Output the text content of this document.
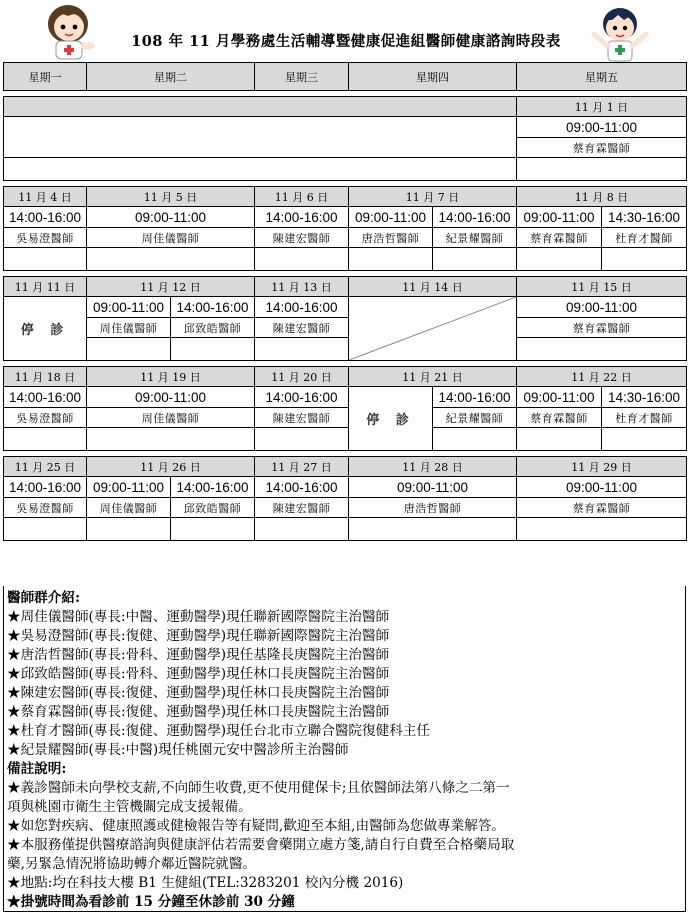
108 年 11 月學務處生活輔導暨健康促進組醫師健康諮詢時段表
星期一	星期二		星期三	星期四		星期五	

						11 月 1 日	
						09:00-11:00	
						蔡育霖醫師	

11 月 4 日	11 月 5 日		11 月 6 日	11 月 7 日		11 月 8 日	
14:00-16:00	09:00-11:00		14:00-16:00	09:00-11:00	14:00-16:00	09:00-11:00	14:30-16:00
吳易澄醫師	周佳儀醫師		陳建宏醫師	唐浩哲醫師	紀景耀醫師	蔡育霖醫師	杜育才醫師

11 月 11 日	11 月 12 日		11 月 13 日	11 月 14 日		11 月 15 日	
停 診	09:00-11:00	14:00-16:00	14:00-16:00			09:00-11:00	
	周佳儀醫師	邱致皓醫師	陳建宏醫師			蔡育霖醫師	

11 月 18 日	11 月 19 日		11 月 20 日	11 月 21 日		11 月 22 日	
14:00-16:00	09:00-11:00		14:00-16:00	停 診	14:00-16:00	09:00-11:00	14:30-16:00
吳易澄醫師	周佳儀醫師		陳建宏醫師		紀景耀醫師	蔡育霖醫師	杜育才醫師

11 月 25 日	11 月 26 日		11 月 27 日	11 月 28 日		11 月 29 日	
14:00-16:00	09:00-11:00	14:00-16:00	14:00-16:00	09:00-11:00		09:00-11:00	
吳易澄醫師	周佳儀醫師	邱致皓醫師	陳建宏醫師	唐浩哲醫師		蔡育霖醫師	

醫師群介紹:
★周佳儀醫師(專長:中醫、運動醫學)現任聯新國際醫院主治醫師
★吳易澄醫師(專長:復健、運動醫學)現任聯新國際醫院主治醫師
★唐浩哲醫師(專長:骨科、運動醫學)現任基隆長庚醫院主治醫師
★邱致皓醫師(專長:骨科、運動醫學)現任林口長庚醫院主治醫師
★陳建宏醫師(專長:復健、運動醫學)現任林口長庚醫院主治醫師
★蔡育霖醫師(專長:復健、運動醫學)現任林口長庚醫院主治醫師
★杜育才醫師(專長:復健、運動醫學)現任台北市立聯合醫院復健科主任
★紀景耀醫師(專長:中醫)現任桃園元安中醫診所主治醫師
備註說明:
★義診醫師未向學校支薪,不向師生收費,更不使用健保卡;且依醫師法第八條之二第一
項與桃園市衛生主管機關完成支援報備。
★如您對疾病、健康照護或健檢報告等有疑問,歡迎至本組,由醫師為您做專業解答。
★本服務僅提供醫療諮詢與健康評估若需要會藥開立處方箋,請自行自費至合格藥局取
藥,另緊急情況將協助轉介鄰近醫院就醫。
★地點:均在科技大樓 B1 生健組(TEL:3283201 校內分機 2016)
★掛號時間為看診前 15 分鐘至休診前 30 分鐘
